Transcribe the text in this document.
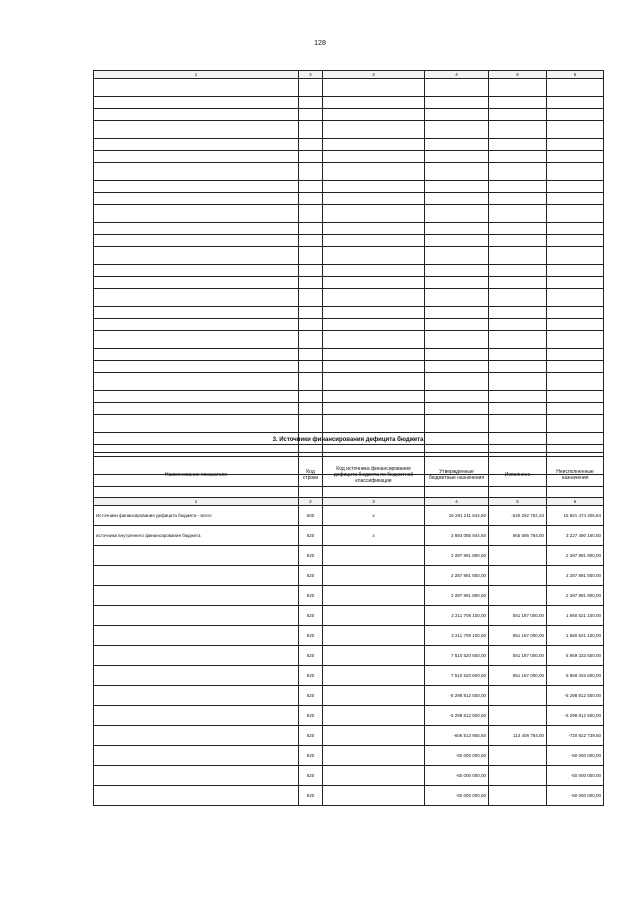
128
1	2	3	4	5	6

3. Источники финансирования дефицита бюджета
Наименование показателя	Код строки	Код источника финансирования дефицита бюджета по бюджетной классификации	Утвержденные бюджетные назначения	Исполнено	Неисполненные назначения
1	2	3	4	5	6
Источники финансирования дефицита бюджета - всего	500	х	15 281 211 644,50	-540 262 762,34	15 821 474 406,84
источники внутреннего финансирования бюджета	520	х	3 893 085 944,50	665 595 784,00	3 227 490 160,50
	520		2 287 891 800,00		2 287 891 800,00
	520		2 287 891 800,00		2 287 891 800,00
	520		2 287 891 800,00		2 287 891 800,00
	520		2 211 708 100,00	551 187 000,00	1 660 521 100,00
	520		2 211 708 100,00	551 187 000,00	1 660 521 100,00
	520		7 510 520 600,00	551 187 000,00	6 959 333 600,00
	520		7 510 520 600,00	551 187 000,00	6 959 333 600,00
	520		-5 298 812 500,00		-5 298 812 500,00
	520		-5 298 812 500,00		-5 298 812 500,00
	520		-606 513 955,50	114 408 784,00	-720 922 739,50
	520		-50 000 000,00		-50 000 000,00
	520		-50 000 000,00		-50 000 000,00
	520		-50 000 000,00		-50 000 000,00
